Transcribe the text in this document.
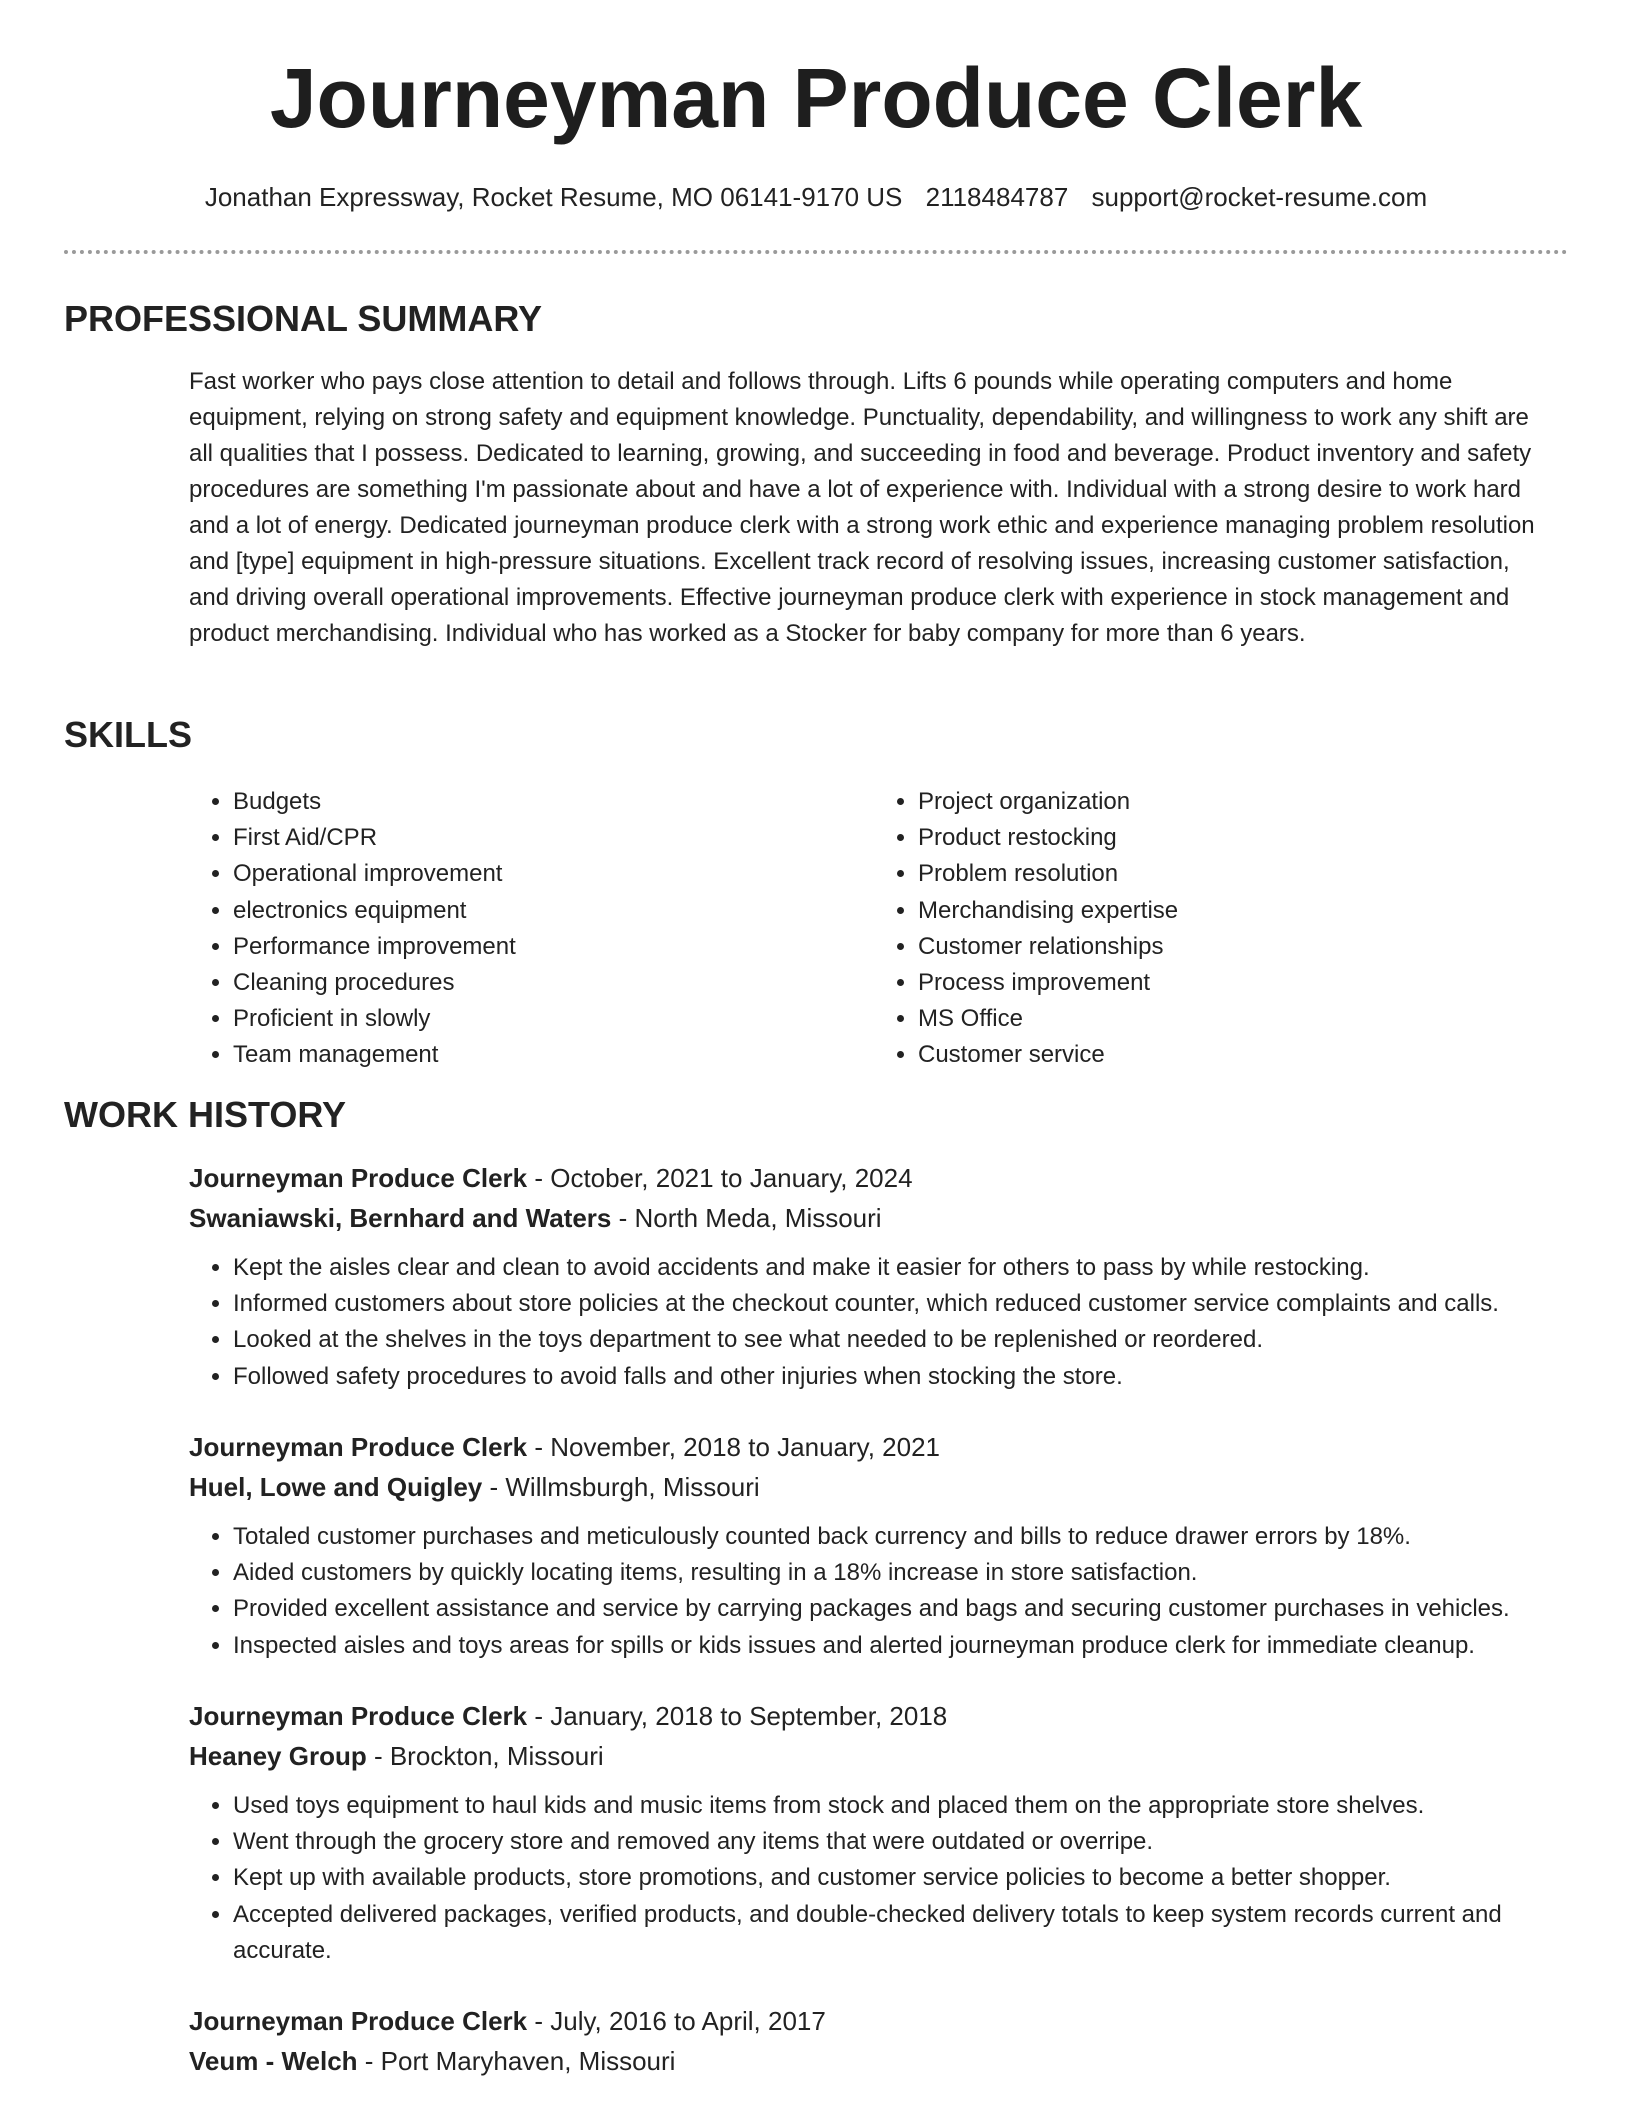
Journeyman Produce Clerk
Jonathan Expressway, Rocket Resume, MO 06141-9170 US 2118484787 support@rocket-resume.com
PROFESSIONAL SUMMARY
Fast worker who pays close attention to detail and follows through. Lifts 6 pounds while operating computers and home equipment, relying on strong safety and equipment knowledge. Punctuality, dependability, and willingness to work any shift are all qualities that I possess. Dedicated to learning, growing, and succeeding in food and beverage. Product inventory and safety procedures are something I'm passionate about and have a lot of experience with. Individual with a strong desire to work hard and a lot of energy. Dedicated journeyman produce clerk with a strong work ethic and experience managing problem resolution and [type] equipment in high-pressure situations. Excellent track record of resolving issues, increasing customer satisfaction, and driving overall operational improvements. Effective journeyman produce clerk with experience in stock management and product merchandising. Individual who has worked as a Stocker for baby company for more than 6 years.
SKILLS
• Budgets
• First Aid/CPR
• Operational improvement
• electronics equipment
• Performance improvement
• Cleaning procedures
• Proficient in slowly
• Team management
• Project organization
• Product restocking
• Problem resolution
• Merchandising expertise
• Customer relationships
• Process improvement
• MS Office
• Customer service
WORK HISTORY
Journeyman Produce Clerk - October, 2021 to January, 2024
Swaniawski, Bernhard and Waters - North Meda, Missouri
• Kept the aisles clear and clean to avoid accidents and make it easier for others to pass by while restocking.
• Informed customers about store policies at the checkout counter, which reduced customer service complaints and calls.
• Looked at the shelves in the toys department to see what needed to be replenished or reordered.
• Followed safety procedures to avoid falls and other injuries when stocking the store.
Journeyman Produce Clerk - November, 2018 to January, 2021
Huel, Lowe and Quigley - Willmsburgh, Missouri
• Totaled customer purchases and meticulously counted back currency and bills to reduce drawer errors by 18%.
• Aided customers by quickly locating items, resulting in a 18% increase in store satisfaction.
• Provided excellent assistance and service by carrying packages and bags and securing customer purchases in vehicles.
• Inspected aisles and toys areas for spills or kids issues and alerted journeyman produce clerk for immediate cleanup.
Journeyman Produce Clerk - January, 2018 to September, 2018
Heaney Group - Brockton, Missouri
• Used toys equipment to haul kids and music items from stock and placed them on the appropriate store shelves.
• Went through the grocery store and removed any items that were outdated or overripe.
• Kept up with available products, store promotions, and customer service policies to become a better shopper.
• Accepted delivered packages, verified products, and double-checked delivery totals to keep system records current and accurate.
Journeyman Produce Clerk - July, 2016 to April, 2017
Veum - Welch - Port Maryhaven, Missouri
